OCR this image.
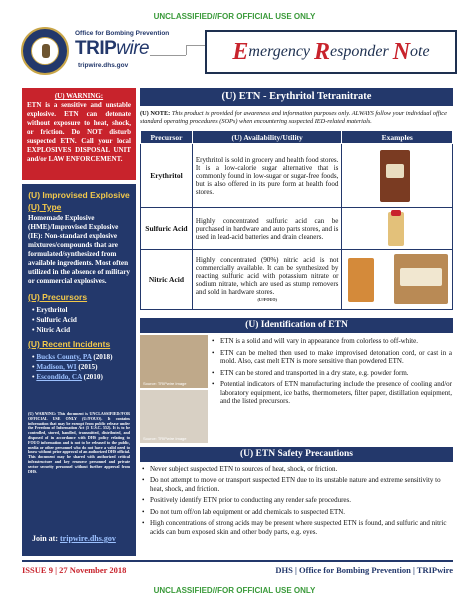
UNCLASSIFIED//FOR OFFICIAL USE ONLY
Office for Bombing Prevention
TRIPwire
tripwire.dhs.gov
E mergency
R esponder
N ote
(U) WARNING:
ETN is a sensitive and unstable explosive. ETN can detonate without exposure to heat, shock, or friction. Do NOT disturb suspected ETN. Call your local EXPLOSIVES DISPOSAL UNIT and/or LAW ENFORCEMENT.
(U) Improvised Explosive
(U) Type
Homemade Explosive (HME)/Improvised Explosive (IE): Non-standard explosive mixtures/compounds that are formulated/synthesized from available ingredients. Most often utilized in the absence of military or commercial explosives.
(U) Precursors
• Erythritol
• Sulfuric Acid
• Nitric Acid
(U) Recent Incidents
• Bucks County, PA (2018)
• Madison, WI (2015)
• Escondido, CA (2010)
(U) WARNING: This document is UNCLASSIFIED//FOR OFFICIAL USE ONLY (U//FOUO). It contains information that may be exempt from public release under the Freedom of Information Act (5 U.S.C. 552). It is to be controlled, stored, handled, transmitted, distributed, and disposed of in accordance with DHS policy relating to FOUO information and is not to be released to the public, media or other personnel who do not have a valid need to know without prior approval of an authorized DHS official. This document may be shared with authorized critical infrastructure and key resource personnel and private sector security personnel without further approval from DHS.
Join at: tripwire.dhs.gov
(U) ETN - Erythritol Tetranitrate
(U) NOTE: This product is provided for awareness and information purposes only. ALWAYS follow your individual office standard operating procedures (SOPs) when encountering suspected IED-related materials.
Precursor	(U) Availability/Utility	Examples
Erythritol	Erythritol is sold in grocery and health food stores. It is a low-calorie sugar alternative that is commonly found in low-sugar or sugar-free foods, but is also offered in its pure form at health food stores.	

Sulfuric Acid	Highly concentrated sulfuric acid can be purchased in hardware and auto parts stores, and is used in lead-acid batteries and drain cleaners.	

Nitric Acid	Highly concentrated (90%) nitric acid is not commercially available. It can be synthesized by reacting sulfuric acid with potassium nitrate or sodium nitrate, which are used as stump removers and sold in hardware stores.
(U//FOUO)	

(U) Identification of ETN
Source: TRIPwire Image
Source: TRIPwire Image
• ETN is a solid and will vary in appearance from colorless to off-white.
• ETN can be melted then used to make improvised detonation cord, or cast in a mold. Also, cast melt ETN is more sensitive than powdered ETN.
• ETN can be stored and transported in a dry state, e.g. powder form.
• Potential indicators of ETN manufacturing include the presence of cooling and/or laboratory equipment, ice baths, thermometers, filter paper, distillation equipment, and the listed precursors.
(U) ETN Safety Precautions
• Never subject suspected ETN to sources of heat, shock, or friction.
• Do not attempt to move or transport suspected ETN due to its unstable nature and extreme sensitivity to heat, shock, and friction.
• Positively identify ETN prior to conducting any render safe procedures.
• Do not turn off/on lab equipment or add chemicals to suspected ETN.
• High concentrations of strong acids may be present where suspected ETN is found, and sulfuric and nitric acids can burn exposed skin and other body parts, e.g. eyes.
ISSUE 9 | 27 November 2018	DHS | Office for Bombing Prevention | TRIPwire
UNCLASSIFIED//FOR OFFICIAL USE ONLY
